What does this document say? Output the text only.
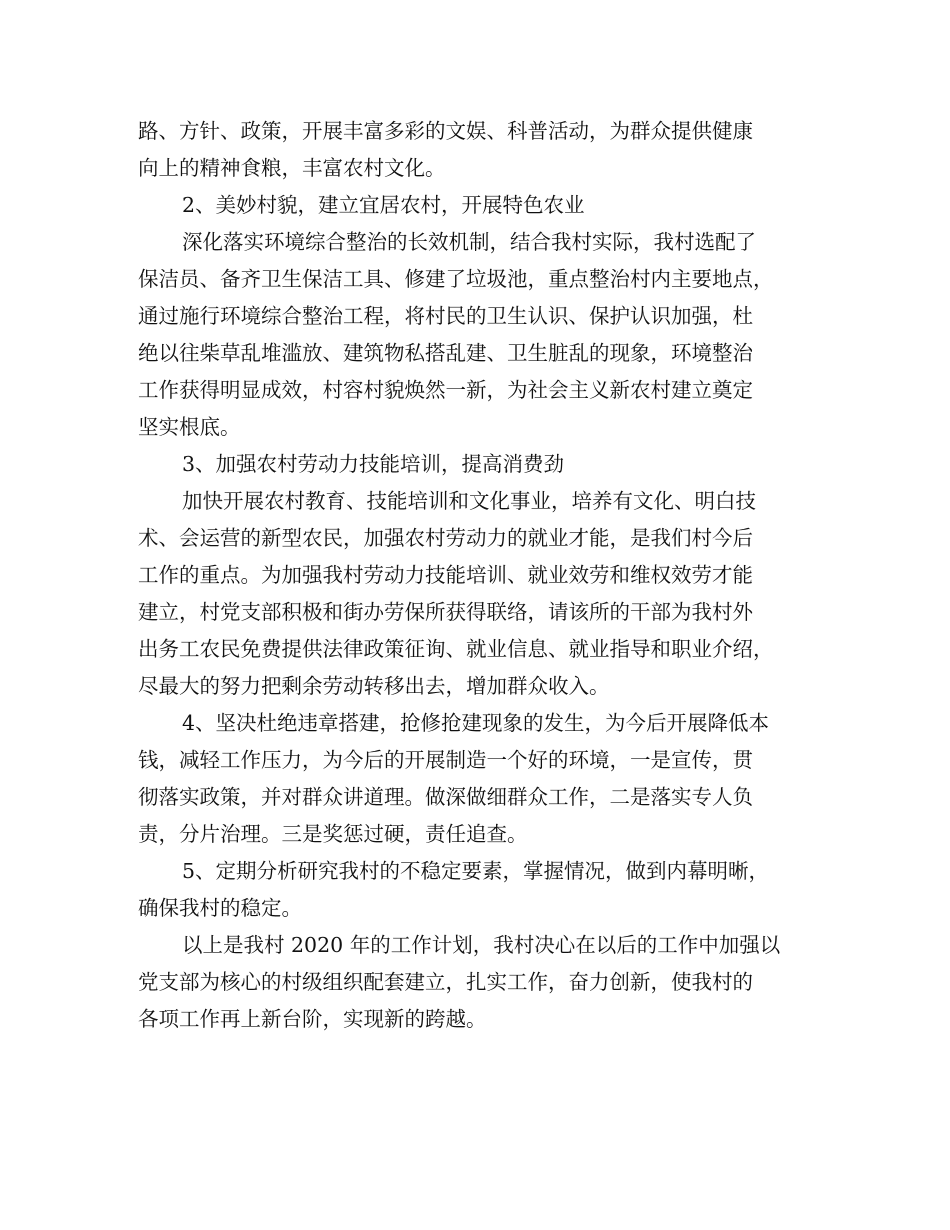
路、方针、政策，开展丰富多彩的文娱、科普活动，为群众提供健康
向上的精神食粮，丰富农村文化。
2、美妙村貌，建立宜居农村，开展特色农业
深化落实环境综合整治的长效机制，结合我村实际，我村选配了
保洁员、备齐卫生保洁工具、修建了垃圾池，重点整治村内主要地点，
通过施行环境综合整治工程，将村民的卫生认识、保护认识加强，杜
绝以往柴草乱堆滥放、建筑物私搭乱建、卫生脏乱的现象，环境整治
工作获得明显成效，村容村貌焕然一新，为社会主义新农村建立奠定
坚实根底。
3、加强农村劳动力技能培训，提高消费劲
加快开展农村教育、技能培训和文化事业，培养有文化、明白技
术、会运营的新型农民，加强农村劳动力的就业才能，是我们村今后
工作的重点。为加强我村劳动力技能培训、就业效劳和维权效劳才能
建立，村党支部积极和街办劳保所获得联络，请该所的干部为我村外
出务工农民免费提供法律政策征询、就业信息、就业指导和职业介绍，
尽最大的努力把剩余劳动转移出去，增加群众收入。
4、坚决杜绝违章搭建，抢修抢建现象的发生，为今后开展降低本
钱，减轻工作压力，为今后的开展制造一个好的环境，一是宣传，贯
彻落实政策，并对群众讲道理。做深做细群众工作，二是落实专人负
责，分片治理。三是奖惩过硬，责任追查。
5、定期分析研究我村的不稳定要素，掌握情况，做到内幕明晰，
确保我村的稳定。
以上是我村 2020 年的工作计划，我村决心在以后的工作中加强以
党支部为核心的村级组织配套建立，扎实工作，奋力创新，使我村的
各项工作再上新台阶，实现新的跨越。
